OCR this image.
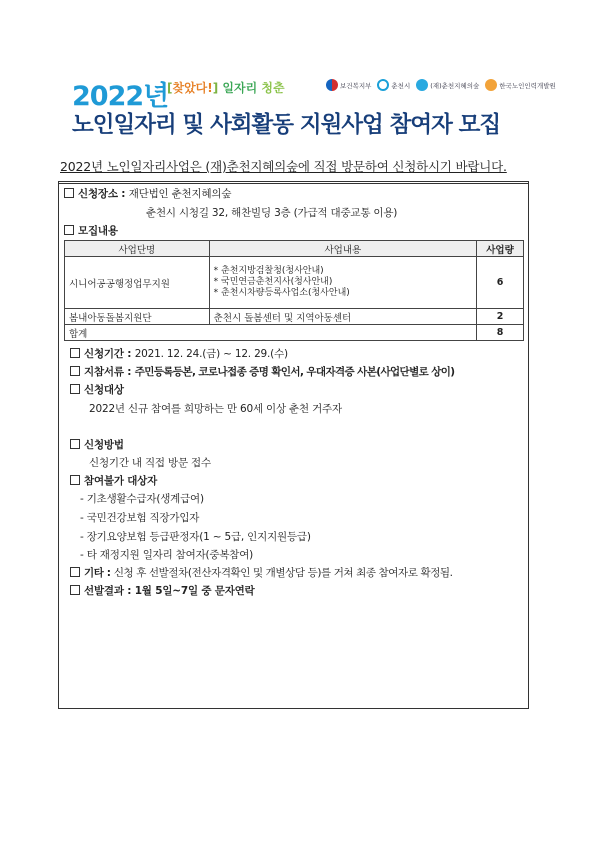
2022년
[찾았다!] 일자리 청춘	보건복지부	춘천시	(재)춘천지혜의숲	한국노인인력개발원
노인일자리 및 사회활동 지원사업 참여자 모집
2022년 노인일자리사업은 (재)춘천지혜의숲에 직접 방문하여 신청하시기 바랍니다.
신청장소 : 재단법인 춘천지혜의숲
춘천시 시청길 32, 해찬빌딩 3층 (가급적 대중교통 이용)
모집내용
사업단명	사업내용	사업량
시니어공공행정업무지원	* 춘천지방검찰청(청사안내)
* 국민연금춘천지사(청사안내)
* 춘천시차량등록사업소(청사안내)	6
봄내아동돌봄지원단	춘천시 돌봄센터 및 지역아동센터	2
합계		8
신청기간 : 2021. 12. 24.(금) ~ 12. 29.(수)
지참서류 : 주민등록등본, 코로나접종 증명 확인서, 우대자격증 사본(사업단별로 상이)
신청대상
2022년 신규 참여를 희망하는 만 60세 이상 춘천 거주자
신청방법
신청기간 내 직접 방문 접수
참여불가 대상자
- 기초생활수급자(생계급여)
- 국민건강보험 직장가입자
- 장기요양보험 등급판정자(1 ~ 5급, 인지지원등급)
- 타 재정지원 일자리 참여자(중복참여)
기타 : 신청 후 선발절차(전산자격확인 및 개별상담 등)를 거쳐 최종 참여자로 확정됨.
선발결과 : 1월 5일~7일 중 문자연락
